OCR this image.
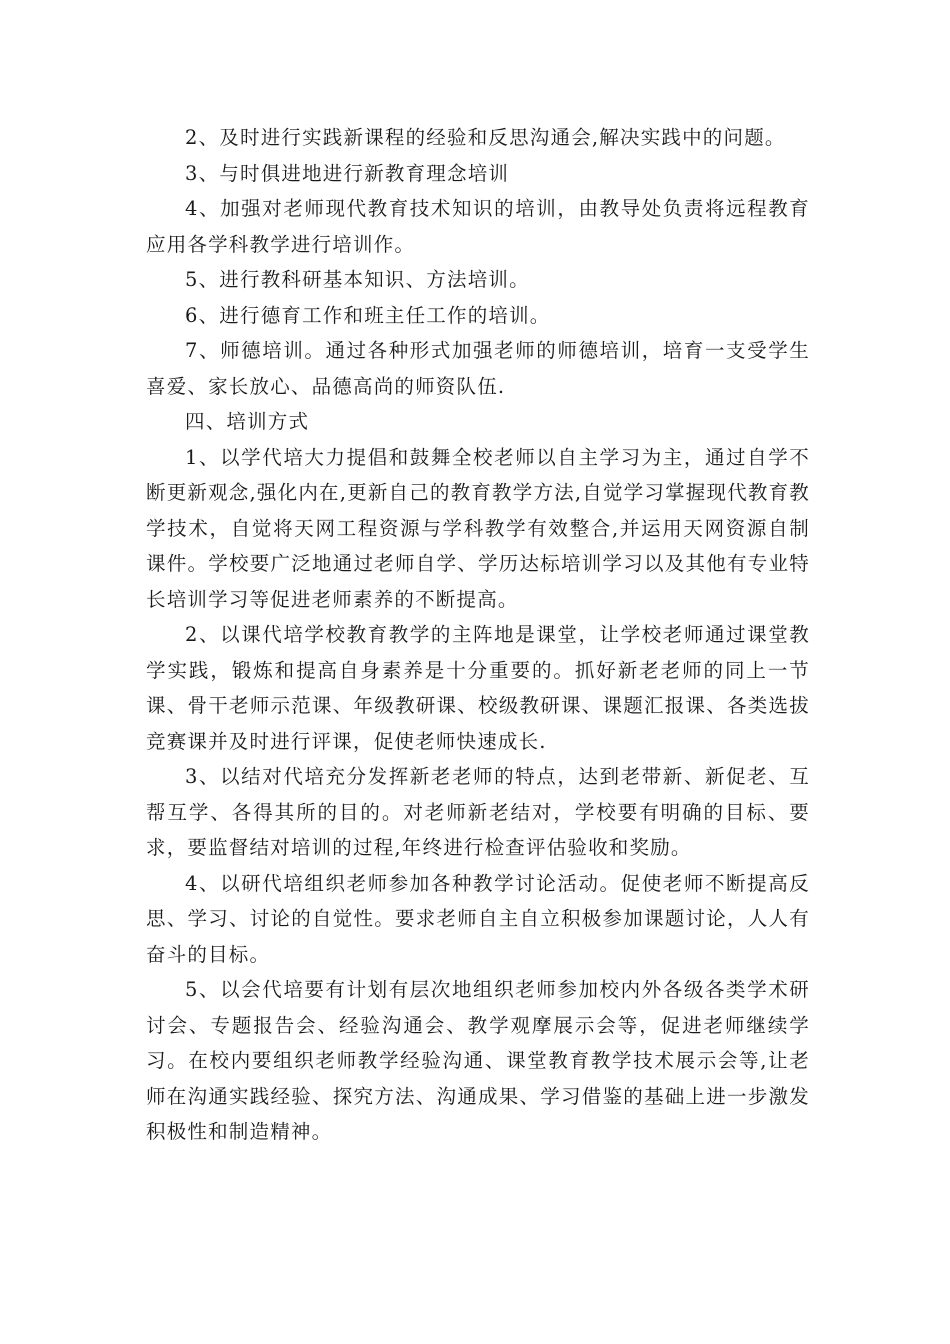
2、及时进行实践新课程的经验和反思沟通会,解决实践中的问题。

3、与时俱进地进行新教育理念培训

4、加强对老师现代教育技术知识的培训，由教导处负责将远程教育应用各学科教学进行培训作。

5、进行教科研基本知识、方法培训。

6、进行德育工作和班主任工作的培训。

7、师德培训。通过各种形式加强老师的师德培训，培育一支受学生喜爱、家长放心、品德高尚的师资队伍.

四、培训方式

1、以学代培大力提倡和鼓舞全校老师以自主学习为主，通过自学不断更新观念,强化内在,更新自己的教育教学方法,自觉学习掌握现代教育教学技术，自觉将天网工程资源与学科教学有效整合,并运用天网资源自制课件。学校要广泛地通过老师自学、学历达标培训学习以及其他有专业特长培训学习等促进老师素养的不断提高。

2、以课代培学校教育教学的主阵地是课堂，让学校老师通过课堂教学实践，锻炼和提高自身素养是十分重要的。抓好新老老师的同上一节课、骨干老师示范课、年级教研课、校级教研课、课题汇报课、各类选拔竞赛课并及时进行评课，促使老师快速成长.

3、以结对代培充分发挥新老老师的特点，达到老带新、新促老、互帮互学、各得其所的目的。对老师新老结对，学校要有明确的目标、要求，要监督结对培训的过程,年终进行检查评估验收和奖励。

4、以研代培组织老师参加各种教学讨论活动。促使老师不断提高反思、学习、讨论的自觉性。要求老师自主自立积极参加课题讨论，人人有奋斗的目标。

5、以会代培要有计划有层次地组织老师参加校内外各级各类学术研讨会、专题报告会、经验沟通会、教学观摩展示会等，促进老师继续学习。在校内要组织老师教学经验沟通、课堂教育教学技术展示会等,让老师在沟通实践经验、探究方法、沟通成果、学习借鉴的基础上进一步激发积极性和制造精神。
